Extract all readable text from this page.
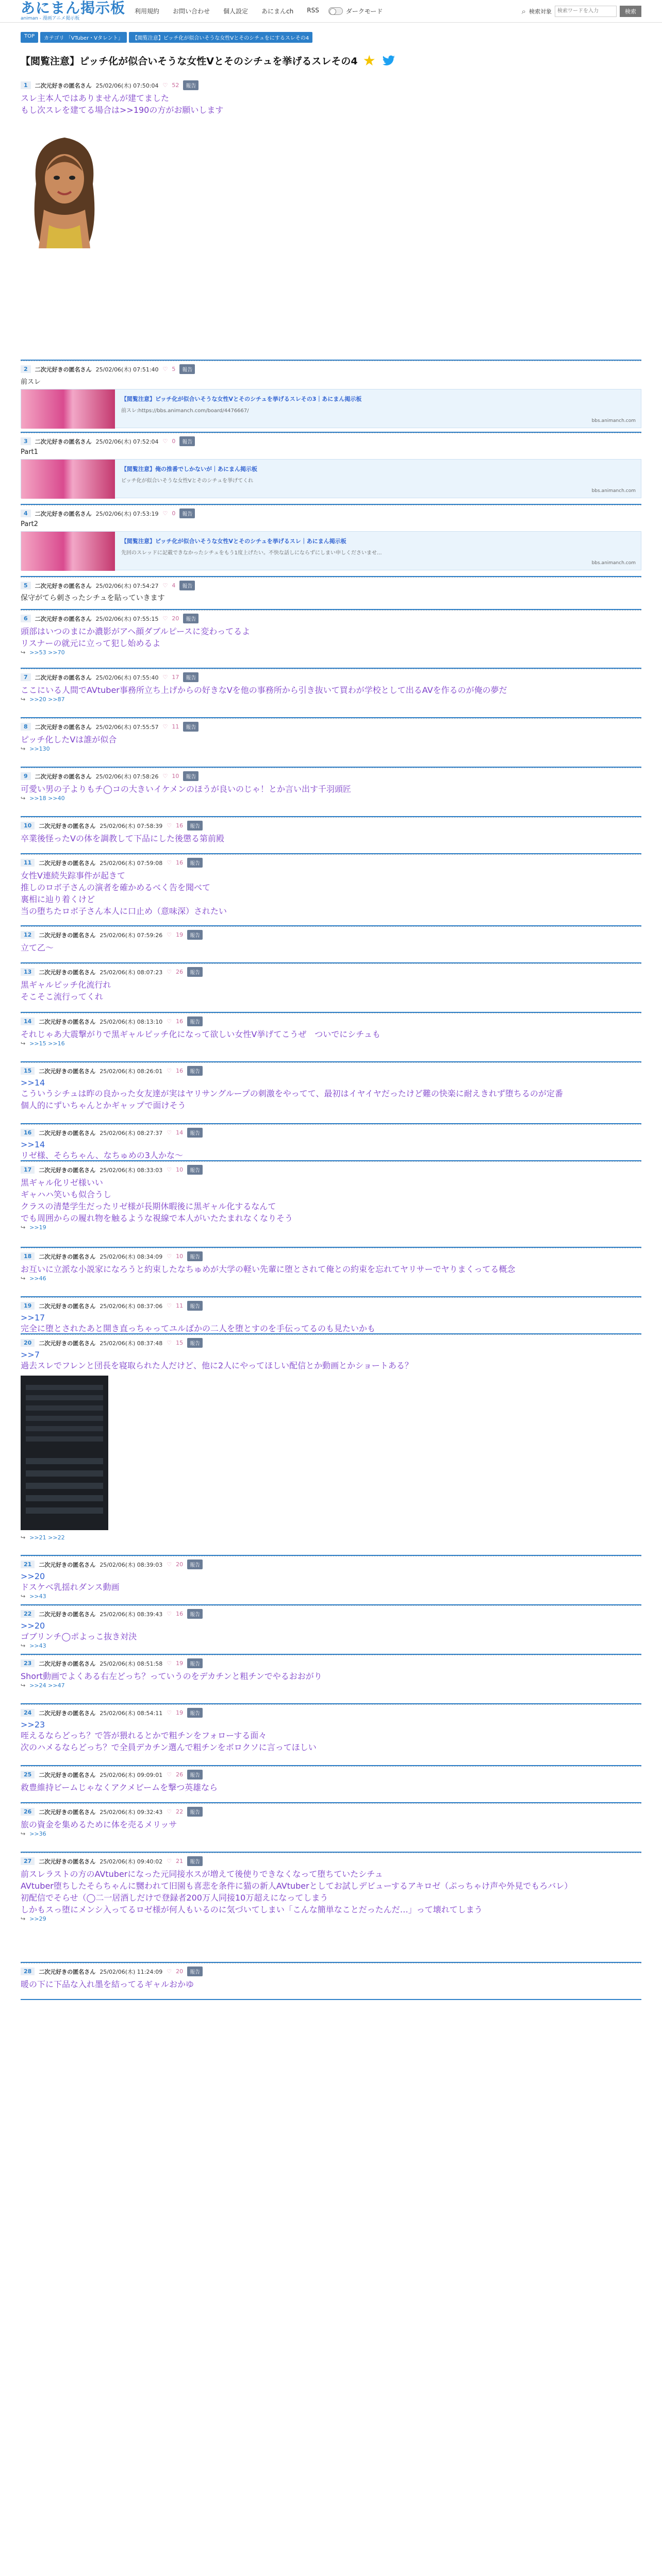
あにまん掲示板
animan - 漫画アニメ掲示板
利用規約 お問い合わせ 個人設定 あにまんch RSS	ダークモード	⌕ 検索対象
検索ワードを入力	検索
TOP	カテゴリ 「VTuber・Vタレント」	【閲覧注意】ピッチ化が似合いそうな女性Vとそのシチュをにするスレその4
【閲覧注意】ピッチ化が似合いそうな女性Vとそのシチュを挙げるスレその4 ★
1	二次元好きの匿名さん 25/02/06(木) 07:50:04 ♡ 52	報告
スレ主本人ではありませんが建てました
もし次スレを建てる場合は>>190の方がお願いします
2	二次元好きの匿名さん 25/02/06(木) 07:51:40 ♡ 5	報告
前スレ
【閲覧注意】ピッチ化が似合いそうな女性Vとそのシチュを挙げるスレその3｜あにまん掲示板
前スレ:https://bbs.animanch.com/board/4476667/
bbs.animanch.com
3	二次元好きの匿名さん 25/02/06(木) 07:52:04 ♡ 0	報告
Part1
【閲覧注意】俺の推番でしかないが｜あにまん掲示板
ピッチ化が似合いそうな女性Vとそのシチュを挙げてくれ
bbs.animanch.com
4	二次元好きの匿名さん 25/02/06(木) 07:53:19 ♡ 0	報告
Part2
【閲覧注意】ピッチ化が似合いそうな女性Vとそのシチュを挙げるスレ｜あにまん掲示板
先回のスレッドに記載できなかったシチュをもう1度上げたい。不快な話しにならずにしまい申しくださいませ...
bbs.animanch.com
5	二次元好きの匿名さん 25/02/06(木) 07:54:27 ♡ 4	報告
保守がてら刺さったシチュを貼っていきます
6	二次元好きの匿名さん 25/02/06(木) 07:55:15 ♡ 20	報告
頭部はいつのまにか濃影がアヘ顔ダブルピースに変わってるよ
リスナーの就元に立って犯し始めるよ
↪ >>53 >>70
7	二次元好きの匿名さん 25/02/06(木) 07:55:40 ♡ 17	報告
ここにいる人間でAVtuber事務所立ち上げからの好きなVを他の事務所から引き抜いて買わが学校として出るAVを作るのが俺の夢だ
↪ >>20 >>87
8	二次元好きの匿名さん 25/02/06(木) 07:55:57 ♡ 11	報告
ピッチ化したVは誰が似合
↪ >>130
9	二次元好きの匿名さん 25/02/06(木) 07:58:26 ♡ 10	報告
可愛い男の子よりもチ◯コの大きいイケメンのほうが良いのじゃ！とか言い出す千羽頭匠
↪ >>18 >>40
10	二次元好きの匿名さん 25/02/06(木) 07:58:39 ♡ 16	報告
卒業後怪ったVの体を調教して下品にした後懲る第前殿
11	二次元好きの匿名さん 25/02/06(木) 07:59:08 ♡ 16	報告
女性V連続失踪事件が起きて
推しのロボ子さんの演者を確かめるべく告を聞べて
裏相に辿り着くけど
当の堕ちたロボ子さん本人に口止め（意味深）されたい
12	二次元好きの匿名さん 25/02/06(木) 07:59:26 ♡ 19	報告
立て乙〜
13	二次元好きの匿名さん 25/02/06(木) 08:07:23 ♡ 26	報告
黒ギャルピッチ化流行れ
そこそこ流行ってくれ
14	二次元好きの匿名さん 25/02/06(木) 08:13:10 ♡ 16	報告
それじゃあ大震撃がりで黒ギャルピッチ化になって欲しい女性V挙げてこうぜ　ついでにシチュも
↪ >>15 >>16
15	二次元好きの匿名さん 25/02/06(木) 08:26:01 ♡ 16	報告
>>14
こういうシチュは昨の良かった女友達が実はヤリサングループの刺激をやってて、最初はイヤイヤだったけど難の快楽に耐えきれず堕ちるのが定番
個人的にずいちゃんとかギャップで面けそう
16	二次元好きの匿名さん 25/02/06(木) 08:27:37 ♡ 14	報告
>>14
リゼ様、そらちゃん、なちゅめの3人かな〜
17	二次元好きの匿名さん 25/02/06(木) 08:33:03 ♡ 10	報告
黒ギャル化リゼ様いい
ギャハハ笑いも似合うし
クラスの清楚学生だったリゼ様が長期休暇後に黒ギャル化するなんて
でも周囲からの履れ物を触るような視線で本人がいたたまれなくなりそう
↪ >>19
18	二次元好きの匿名さん 25/02/06(木) 08:34:09 ♡ 10	報告
お互いに立派な小説家になろうと約束したなちゅめが大学の軽い先輩に堕とされて俺との約束を忘れてヤリサーでヤりまくってる概念
↪ >>46
19	二次元好きの匿名さん 25/02/06(木) 08:37:06 ♡ 11	報告
>>17
完全に堕とされたあと開き直っちゃってユルばかの二人を堕とすのを手伝ってるのも見たいかも
20	二次元好きの匿名さん 25/02/06(木) 08:37:48 ♡ 15	報告
>>7
過去スレでフレンと団長を寝取られた人だけど、他に2人にやってほしい配信とか動画とかショートある？
↪ >>21 >>22
21	二次元好きの匿名さん 25/02/06(木) 08:39:03 ♡ 20	報告
>>20
ドスケベ乳揺れダンス動画
↪ >>43
22	二次元好きの匿名さん 25/02/06(木) 08:39:43 ♡ 16	報告
>>20
ゴブリンチ◯ポよっこ抜き対決
↪ >>43
23	二次元好きの匿名さん 25/02/06(木) 08:51:58 ♡ 19	報告
Short動画でよくある右左どっち？っていうのをデカチンと粗チンでやるおおがり
↪ >>24 >>47
24	二次元好きの匿名さん 25/02/06(木) 08:54:11 ♡ 19	報告
>>23
咥えるならどっち？で答が猥れるとかで粗チンをフォローする面々
次のハメるならどっち？で全員デカチン選んで粗チンをボロクソに言ってほしい
25	二次元好きの匿名さん 25/02/06(木) 09:09:01 ♡ 26	報告
救豊維持ビームじゃなくアクメビームを撃つ英雄なら
26	二次元好きの匿名さん 25/02/06(木) 09:32:43 ♡ 22	報告
旅の資金を集めるために体を売るメリッサ
↪ >>36
27	二次元好きの匿名さん 25/02/06(木) 09:40:02 ♡ 21	報告
前スレラストの方のAVtuberになった元同接水スが増えて後使りできなくなって堕ちていたシチュ
AVtuber堕ちしたそらちゃんに嬲われて旧園も喜悲を条件に猫の新人AVtuberとしてお試しデビューするアキロゼ（ぷっちゃけ声や外見でもろバレ）
初配信でそらせ（◯二一居酒しだけで登録者200万人同接10万超えになってしまう
しかもスっ堕にメンシ入ってるロゼ様が何人もいるのに気づいてしまい「こんな簡単なことだったんだ…」って壊れてしまう
↪ >>29
28	二次元好きの匿名さん 25/02/06(木) 11:24:09 ♡ 20	報告
暖の下に下品な入れ墨を結ってるギャルおかゆ
